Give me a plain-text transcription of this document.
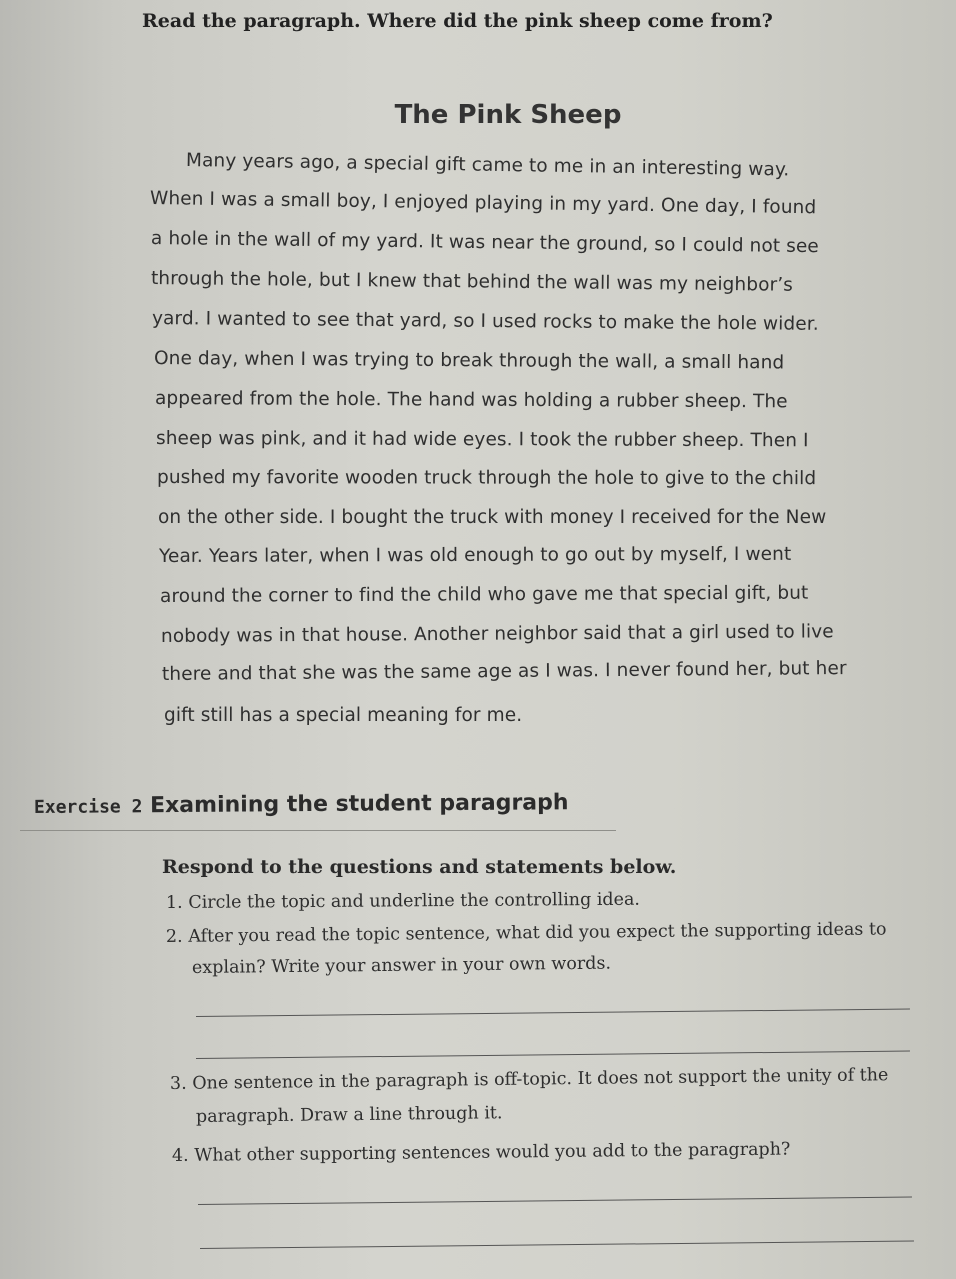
Read the paragraph. Where did the pink sheep come from?
The Pink Sheep
Many years ago, a special gift came to me in an interesting way.
When I was a small boy, I enjoyed playing in my yard. One day, I found
a hole in the wall of my yard. It was near the ground, so I could not see
through the hole, but I knew that behind the wall was my neighbor’s
yard. I wanted to see that yard, so I used rocks to make the hole wider.
One day, when I was trying to break through the wall, a small hand
appeared from the hole. The hand was holding a rubber sheep. The
sheep was pink, and it had wide eyes. I took the rubber sheep. Then I
pushed my favorite wooden truck through the hole to give to the child
on the other side. I bought the truck with money I received for the New
Year. Years later, when I was old enough to go out by myself, I went
around the corner to find the child who gave me that special gift, but
nobody was in that house. Another neighbor said that a girl used to live
there and that she was the same age as I was. I never found her, but her
gift still has a special meaning for me.
Exercise 2 Examining the student paragraph
Respond to the questions and statements below.
1. Circle the topic and underline the controlling idea.
2. After you read the topic sentence, what did you expect the supporting ideas to
explain? Write your answer in your own words.
3. One sentence in the paragraph is off-topic. It does not support the unity of the
paragraph. Draw a line through it.
4. What other supporting sentences would you add to the paragraph?
